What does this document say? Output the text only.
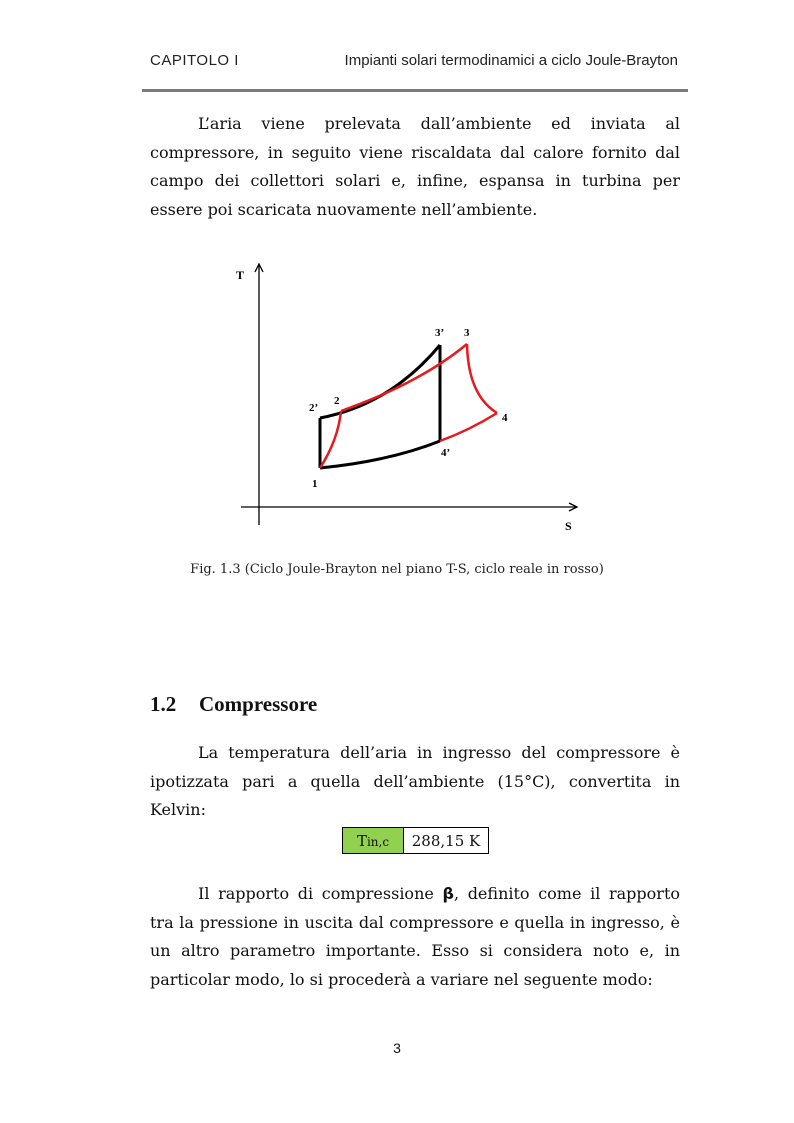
CAPITOLO I	Impianti solari termodinamici a ciclo Joule-Brayton

L’aria viene prelevata dall’ambiente ed inviata al compressore, in seguito viene riscaldata dal calore fornito dal campo dei collettori solari e, infine, espansa in turbina per essere poi scaricata nuovamente nell’ambiente.

T
S
1
2
2’
3
3’
4
4’
Fig. 1.3 (Ciclo Joule-Brayton nel piano T-S, ciclo reale in rosso)
1.2 Compressore

La temperatura dell’aria in ingresso del compressore è ipotizzata pari a quella dell’ambiente (15°C), convertita in Kelvin:

Tin,c	288,15 K

Il rapporto di compressione β, definito come il rapporto tra la pressione in uscita dal compressore e quella in ingresso, è un altro parametro importante. Esso si considera noto e, in particolar modo, lo si procederà a variare nel seguente modo:

3
